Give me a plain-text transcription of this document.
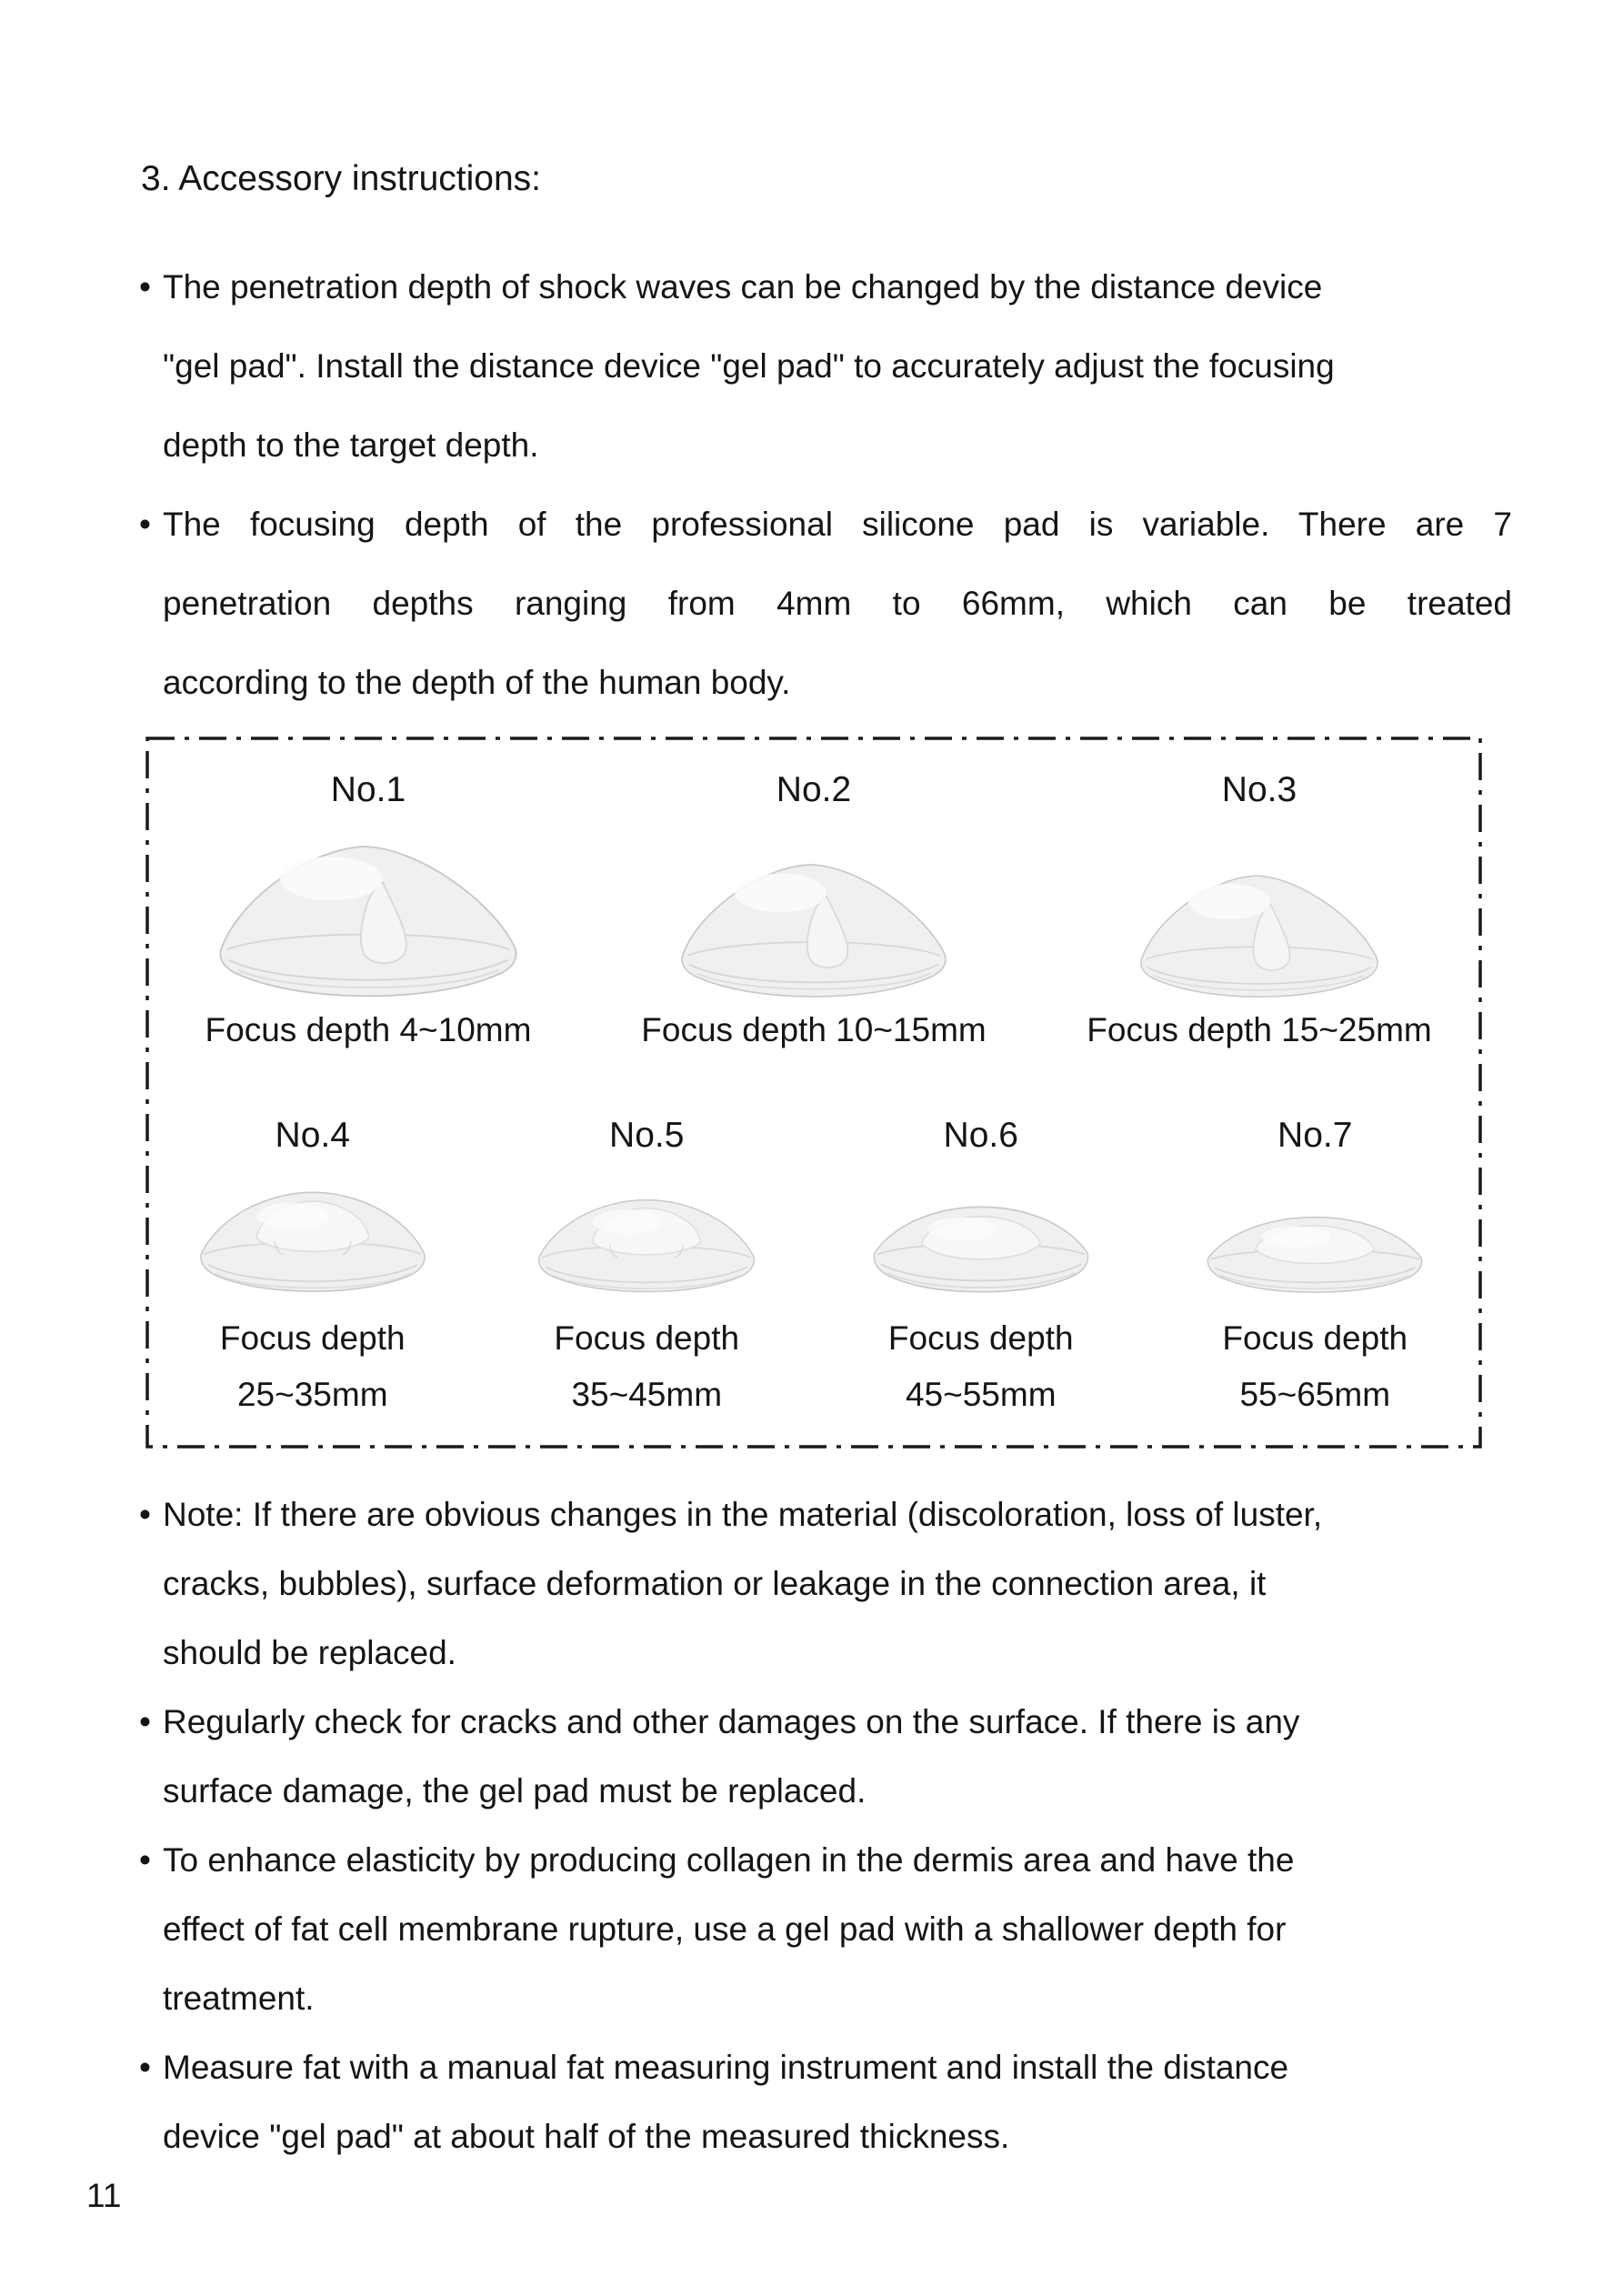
3. Accessory instructions:
• The penetration depth of shock waves can be changed by the distance device
"gel pad". Install the distance device "gel pad" to accurately adjust the focusing
depth to the target depth.
• The focusing depth of the professional silicone pad is variable. There are 7
penetration depths ranging from 4mm to 66mm, which can be treated
according to the depth of the human body.
No.1
Focus depth 4~10mm
No.2
Focus depth 10~15mm
No.3
Focus depth 15~25mm
No.4
Focus depth
25~35mm
No.5
Focus depth
35~45mm
No.6
Focus depth
45~55mm
No.7
Focus depth
55~65mm
• Note: If there are obvious changes in the material (discoloration, loss of luster,
cracks, bubbles), surface deformation or leakage in the connection area, it
should be replaced.
• Regularly check for cracks and other damages on the surface. If there is any
surface damage, the gel pad must be replaced.
• To enhance elasticity by producing collagen in the dermis area and have the
effect of fat cell membrane rupture, use a gel pad with a shallower depth for
treatment.
• Measure fat with a manual fat measuring instrument and install the distance
device "gel pad" at about half of the measured thickness.
11
